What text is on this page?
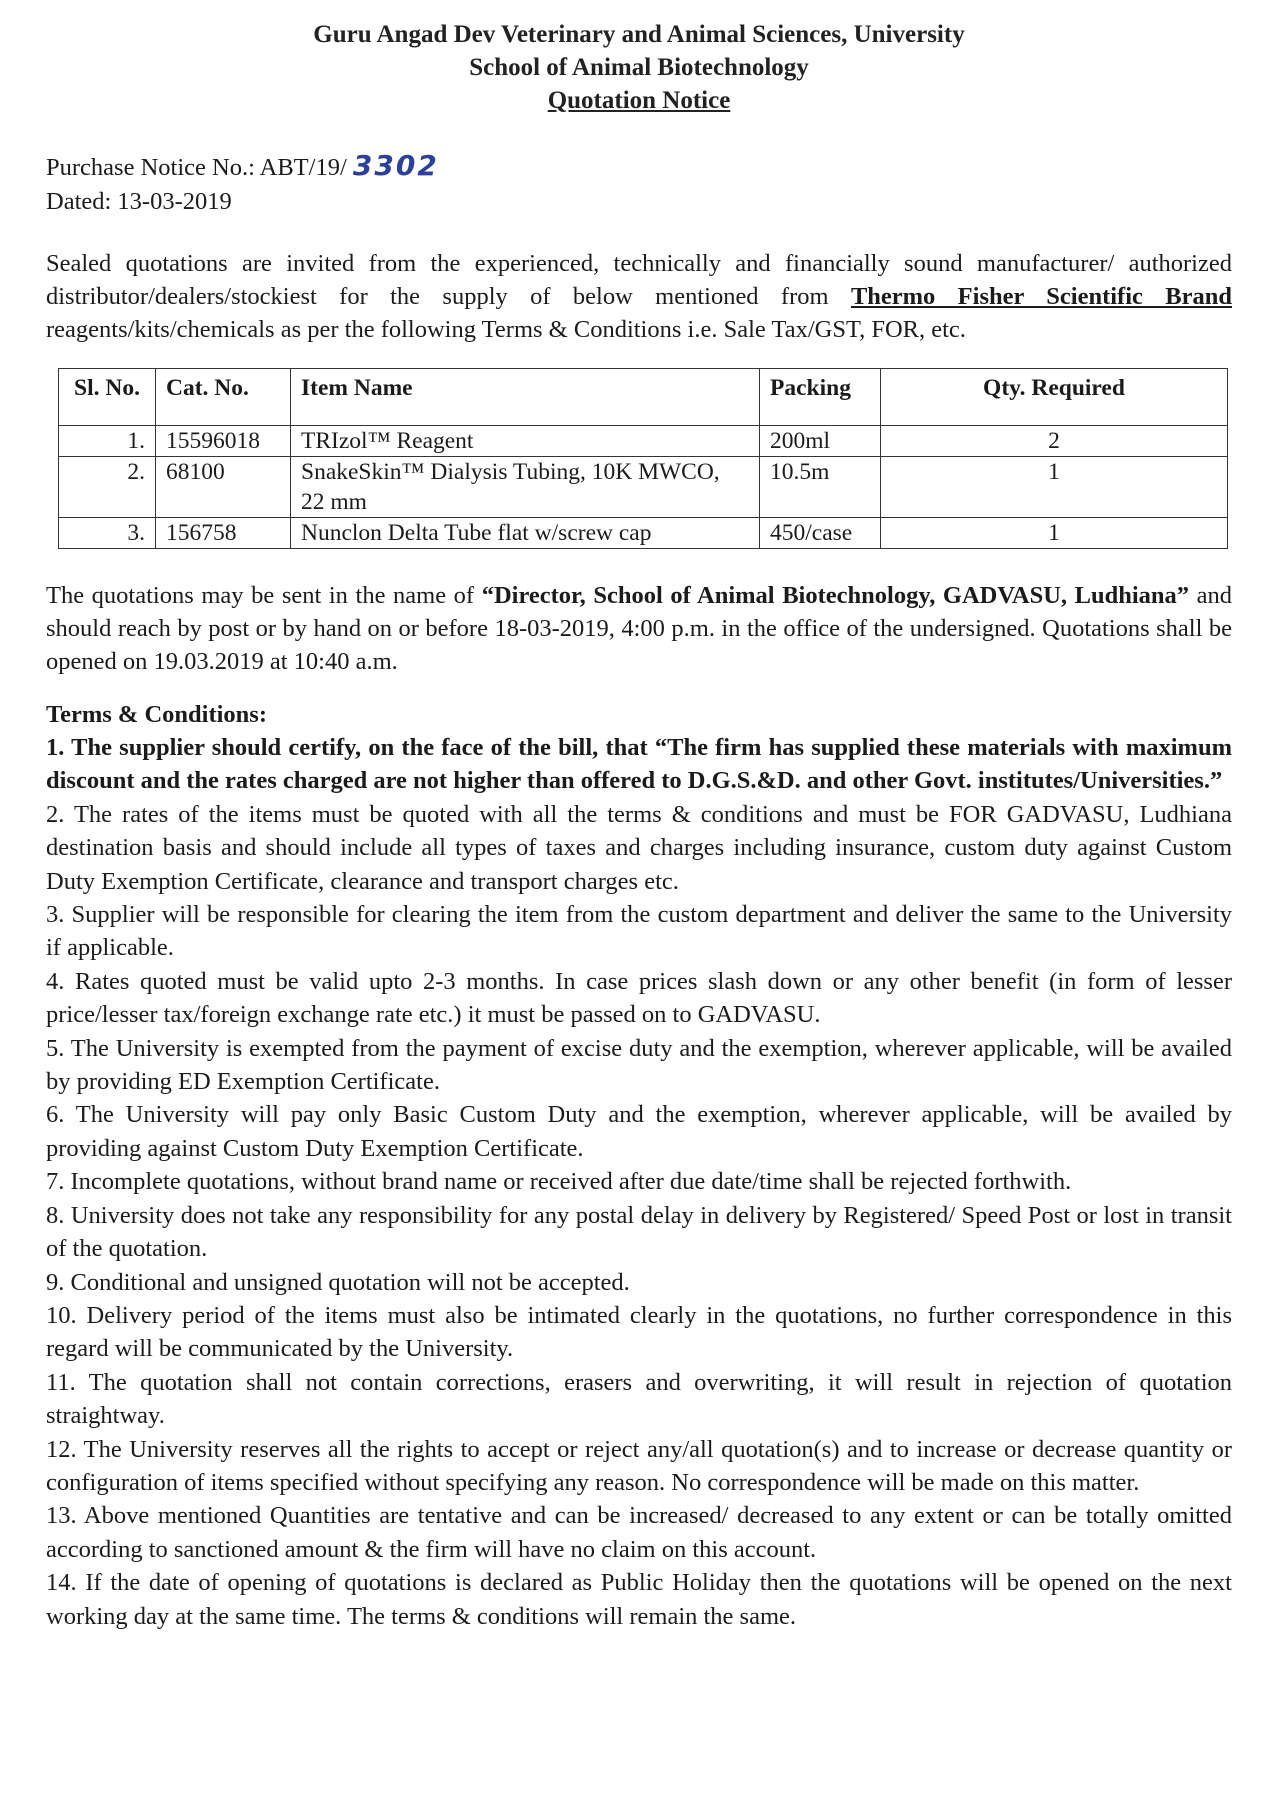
Guru Angad Dev Veterinary and Animal Sciences, University
School of Animal Biotechnology
Quotation Notice
Purchase Notice No.: ABT/19/ 3302
Dated: 13-03-2019
Sealed quotations are invited from the experienced, technically and financially sound manufacturer/ authorized distributor/dealers/stockiest for the supply of below mentioned from Thermo Fisher Scientific Brand reagents/kits/chemicals as per the following Terms & Conditions i.e. Sale Tax/GST, FOR, etc.
Sl. No.	Cat. No.	Item Name	Packing	Qty. Required
1.	15596018	TRIzol™ Reagent	200ml	2
2.	68100	SnakeSkin™ Dialysis Tubing, 10K MWCO, 22 mm	10.5m	1
3.	156758	Nunclon Delta Tube flat w/screw cap	450/case	1
The quotations may be sent in the name of “Director, School of Animal Biotechnology, GADVASU, Ludhiana” and should reach by post or by hand on or before 18-03-2019, 4:00 p.m. in the office of the undersigned. Quotations shall be opened on 19.03.2019 at 10:40 a.m.
Terms & Conditions:

1. The supplier should certify, on the face of the bill, that “The firm has supplied these materials with maximum discount and the rates charged are not higher than offered to D.G.S.&D. and other Govt. institutes/Universities.”

2. The rates of the items must be quoted with all the terms & conditions and must be FOR GADVASU, Ludhiana destination basis and should include all types of taxes and charges including insurance, custom duty against Custom Duty Exemption Certificate, clearance and transport charges etc.

3. Supplier will be responsible for clearing the item from the custom department and deliver the same to the University if applicable.

4. Rates quoted must be valid upto 2-3 months. In case prices slash down or any other benefit (in form of lesser price/lesser tax/foreign exchange rate etc.) it must be passed on to GADVASU.

5. The University is exempted from the payment of excise duty and the exemption, wherever applicable, will be availed by providing ED Exemption Certificate.

6. The University will pay only Basic Custom Duty and the exemption, wherever applicable, will be availed by providing against Custom Duty Exemption Certificate.

7. Incomplete quotations, without brand name or received after due date/time shall be rejected forthwith.

8. University does not take any responsibility for any postal delay in delivery by Registered/ Speed Post or lost in transit of the quotation.

9. Conditional and unsigned quotation will not be accepted.

10. Delivery period of the items must also be intimated clearly in the quotations, no further correspondence in this regard will be communicated by the University.

11. The quotation shall not contain corrections, erasers and overwriting, it will result in rejection of quotation straightway.

12. The University reserves all the rights to accept or reject any/all quotation(s) and to increase or decrease quantity or configuration of items specified without specifying any reason. No correspondence will be made on this matter.

13. Above mentioned Quantities are tentative and can be increased/ decreased to any extent or can be totally omitted according to sanctioned amount & the firm will have no claim on this account.

14. If the date of opening of quotations is declared as Public Holiday then the quotations will be opened on the next working day at the same time. The terms & conditions will remain the same.
